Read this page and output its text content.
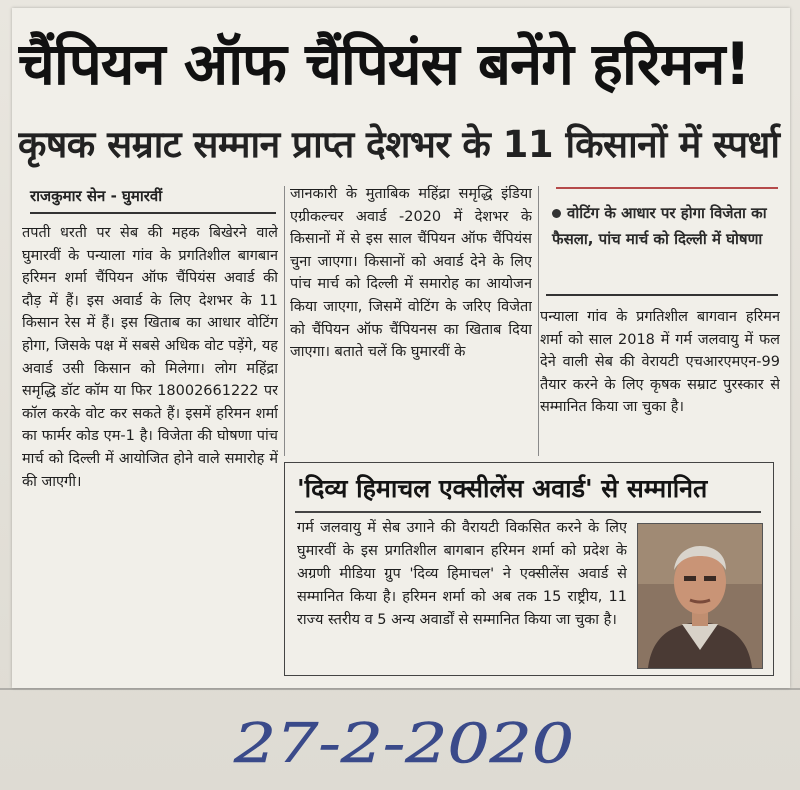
चैंपियन ऑफ चैंपियंस बनेंगे हरिमन!
कृषक सम्राट सम्मान प्राप्त देशभर के 11 किसानों में स्पर्धा
राजकुमार सेन - घुमारवीं

तपती धरती पर सेब की महक बिखेरने वाले घुमारवीं के पन्याला गांव के प्रगतिशील बागबान हरिमन शर्मा चैंपियन ऑफ चैंपियंस अवार्ड की दौड़ में हैं। इस अवार्ड के लिए देशभर के 11 किसान रेस में हैं। इस खिताब का आधार वोटिंग होगा, जिसके पक्ष में सबसे अधिक वोट पड़ेंगे, यह अवार्ड उसी किसान को मिलेगा। लोग महिंद्रा समृद्धि डॉट कॉम या फिर 18002661222 पर कॉल करके वोट कर सकते हैं। इसमें हरिमन शर्मा का फार्मर कोड एम-1 है। विजेता की घोषणा पांच मार्च को दिल्ली में आयोजित होने वाले समारोह में की जाएगी।

जानकारी के मुताबिक महिंद्रा समृद्धि इंडिया एग्रीकल्चर अवार्ड -2020 में देशभर के किसानों में से इस साल चैंपियन ऑफ चैंपियंस चुना जाएगा। किसानों को अवार्ड देने के लिए पांच मार्च को दिल्ली में समारोह का आयोजन किया जाएगा, जिसमें वोटिंग के जरिए विजेता को चैंपियन ऑफ चैंपियनस का खिताब दिया जाएगा। बताते चलें कि घुमारवीं के

वोटिंग के आधार पर होगा विजेता का फैसला, पांच मार्च को दिल्ली में घोषणा

पन्याला गांव के प्रगतिशील बागवान हरिमन शर्मा को साल 2018 में गर्म जलवायु में फल देने वाली सेब की वेरायटी एचआरएमएन-99 तैयार करने के लिए कृषक सम्राट पुरस्कार से सम्मानित किया जा चुका है।

'दिव्य हिमाचल एक्सीलेंस अवार्ड' से सम्मानित

गर्म जलवायु में सेब उगाने की वैरायटी विकसित करने के लिए घुमारवीं के इस प्रगतिशील बागबान हरिमन शर्मा को प्रदेश के अग्रणी मीडिया ग्रुप 'दिव्य हिमाचल' ने एक्सीलेंस अवार्ड से सम्मानित किया है। हरिमन शर्मा को अब तक 15 राष्ट्रीय, 11 राज्य स्तरीय व 5 अन्य अवार्डों से सम्मानित किया जा चुका है।

27-2-2020
